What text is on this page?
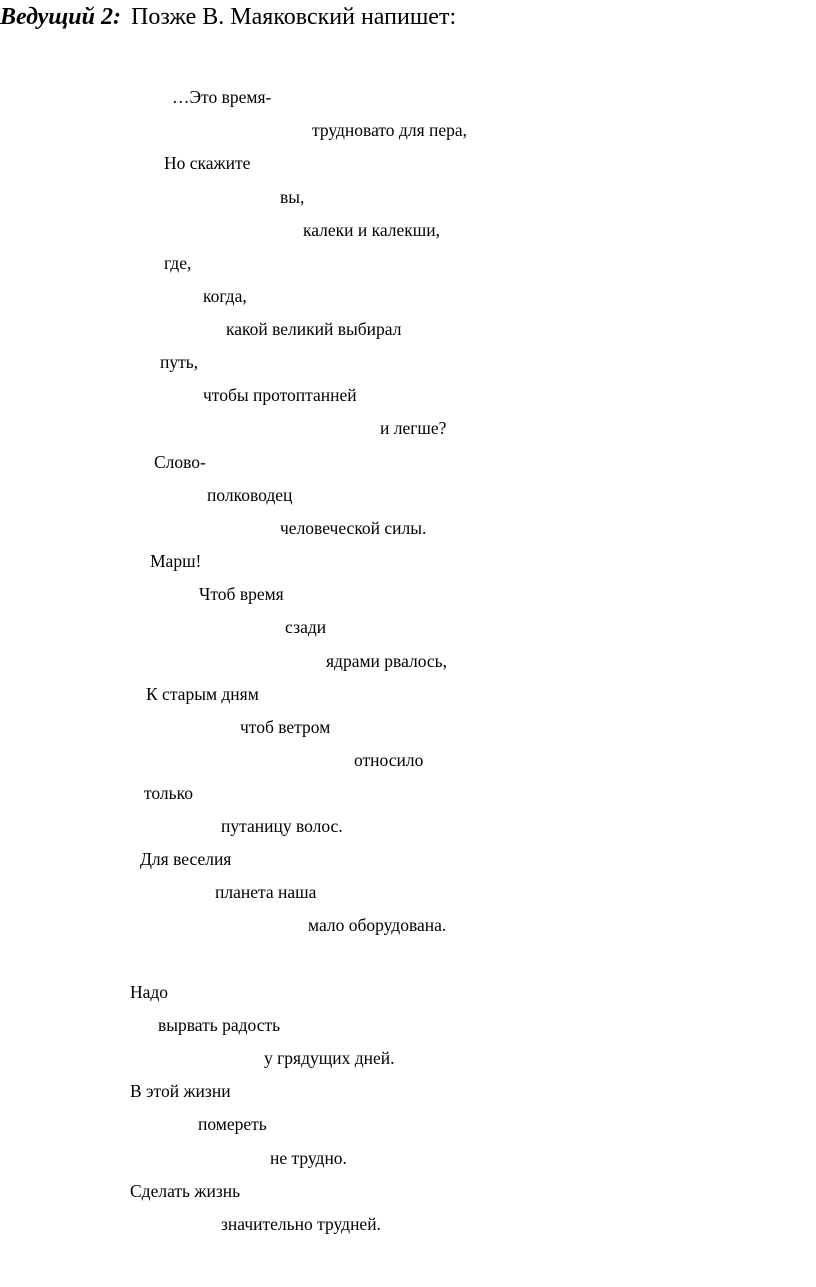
Ведущий 2: Позже В. Маяковский напишет:
…Это время-
трудновато для пера,
Но скажите
вы,
калеки и калекши,
где,
когда,
какой великий выбирал
путь,
чтобы протоптанней
и легше?
Слово-
полководец
человеческой силы.
Марш!
Чтоб время
сзади
ядрами рвалось,
К старым дням
чтоб ветром
относило
только
путаницу волос.
Для веселия
планета наша
мало оборудована.
Надо
вырвать радость
у грядущих дней.
В этой жизни
помереть
не трудно.
Сделать жизнь
значительно трудней.
